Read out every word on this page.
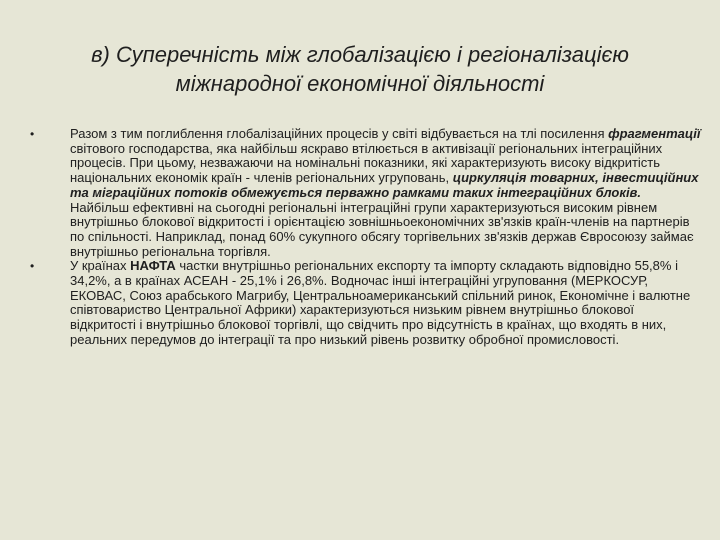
в) Суперечність між глобалізацією і регіоналізацією
міжнародної економічної діяльності
•	Разом з тим поглиблення глобалізаційних процесів у світі відбувається на тлі посилення фрагментації світового господарства, яка найбільш яскраво втілюється в активізації регіональних інтеграційних процесів. При цьому, незважаючи на номінальні показники, які характеризують високу відкритість національних економік країн - членів регіональних угруповань, циркуляція товарних, інвестиційних та міграційних потоків обмежується перважно рамками таких інтеграційних блоків.

Найбільш ефективні на сьогодні регіональні інтеграційні групи характеризуються високим рівнем внутрішньо блокової відкритості і орієнтацією зовнішньоекономічних зв'язків країн-членів на партнерів по спільності. Наприклад, понад 60% сукупного обсягу торгівельних зв'язків держав Євросоюзу займає внутрішньо регіональна торгівля.

•	У країнах НАФТА частки внутрішньо регіональних експорту та імпорту складають відповідно 55,8% і 34,2%, а в країнах АСЕАН - 25,1% і 26,8%. Водночас інші інтеграційні угруповання (МЕРКОСУР, ЕКОВАС, Союз арабського Магрибу, Центральноамериканський спільний ринок, Економічне і валютне співтовариство Центральної Африки) характеризуються низьким рівнем внутрішньо блокової відкритості і внутрішньо блокової торгівлі, що свідчить про відсутність в країнах, що входять в них, реальних передумов до інтеграції та про низький рівень розвитку обробної промисловості.
